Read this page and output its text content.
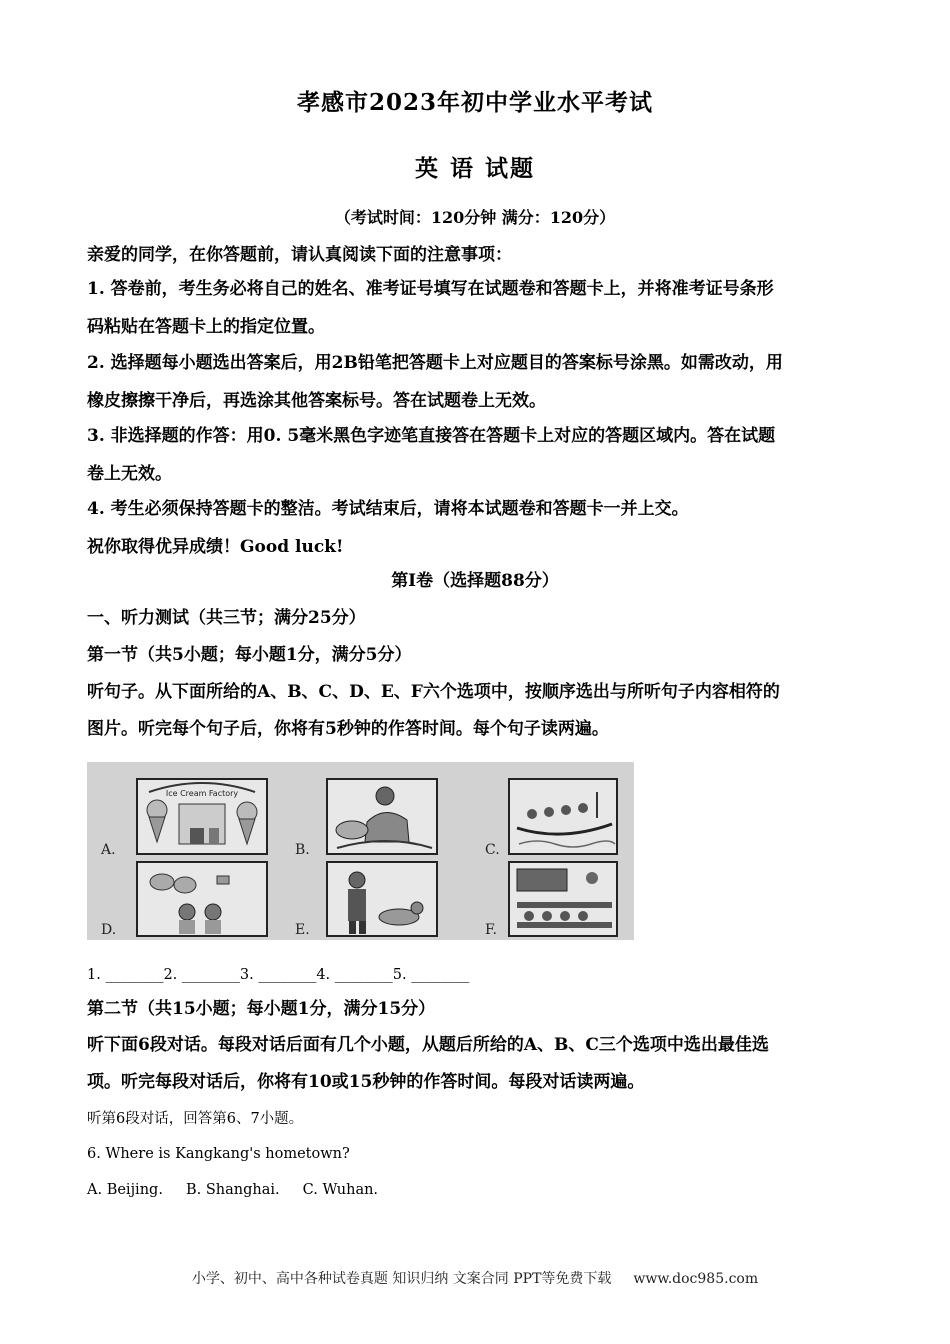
孝感市2023年初中学业水平考试
英 语 试题
（考试时间：120分钟 满分：120分）
亲爱的同学，在你答题前，请认真阅读下面的注意事项：
1. 答卷前，考生务必将自己的姓名、准考证号填写在试题卷和答题卡上，并将准考证号条形
码粘贴在答题卡上的指定位置。
2. 选择题每小题选出答案后，用2B铅笔把答题卡上对应题目的答案标号涂黑。如需改动，用
橡皮擦擦干净后，再选涂其他答案标号。答在试题卷上无效。
3. 非选择题的作答：用0. 5毫米黑色字迹笔直接答在答题卡上对应的答题区域内。答在试题
卷上无效。
4. 考生必须保持答题卡的整洁。考试结束后，请将本试题卷和答题卡一并上交。
祝你取得优异成绩！Good luck!
第Ⅰ卷（选择题88分）
一、听力测试（共三节；满分25分）
第一节（共5小题；每小题1分，满分5分）
听句子。从下面所给的A、B、C、D、E、F六个选项中，按顺序选出与所听句子内容相符的
图片。听完每个句子后，你将有5秒钟的作答时间。每个句子读两遍。
Ice Cream Factory
A.	B.	C.
D.	E.	F.
1. ________2. ________3. ________4. ________5. ________
第二节（共15小题；每小题1分，满分15分）
听下面6段对话。每段对话后面有几个小题，从题后所给的A、B、C三个选项中选出最佳选
项。听完每段对话后，你将有10或15秒钟的作答时间。每段对话读两遍。
听第6段对话，回答第6、7小题。
6. Where is Kangkang's hometown?
A. Beijing.     B. Shanghai.     C. Wuhan.
小学、初中、高中各种试卷真题 知识归纳 文案合同 PPT等免费下载 www.doc985.com
